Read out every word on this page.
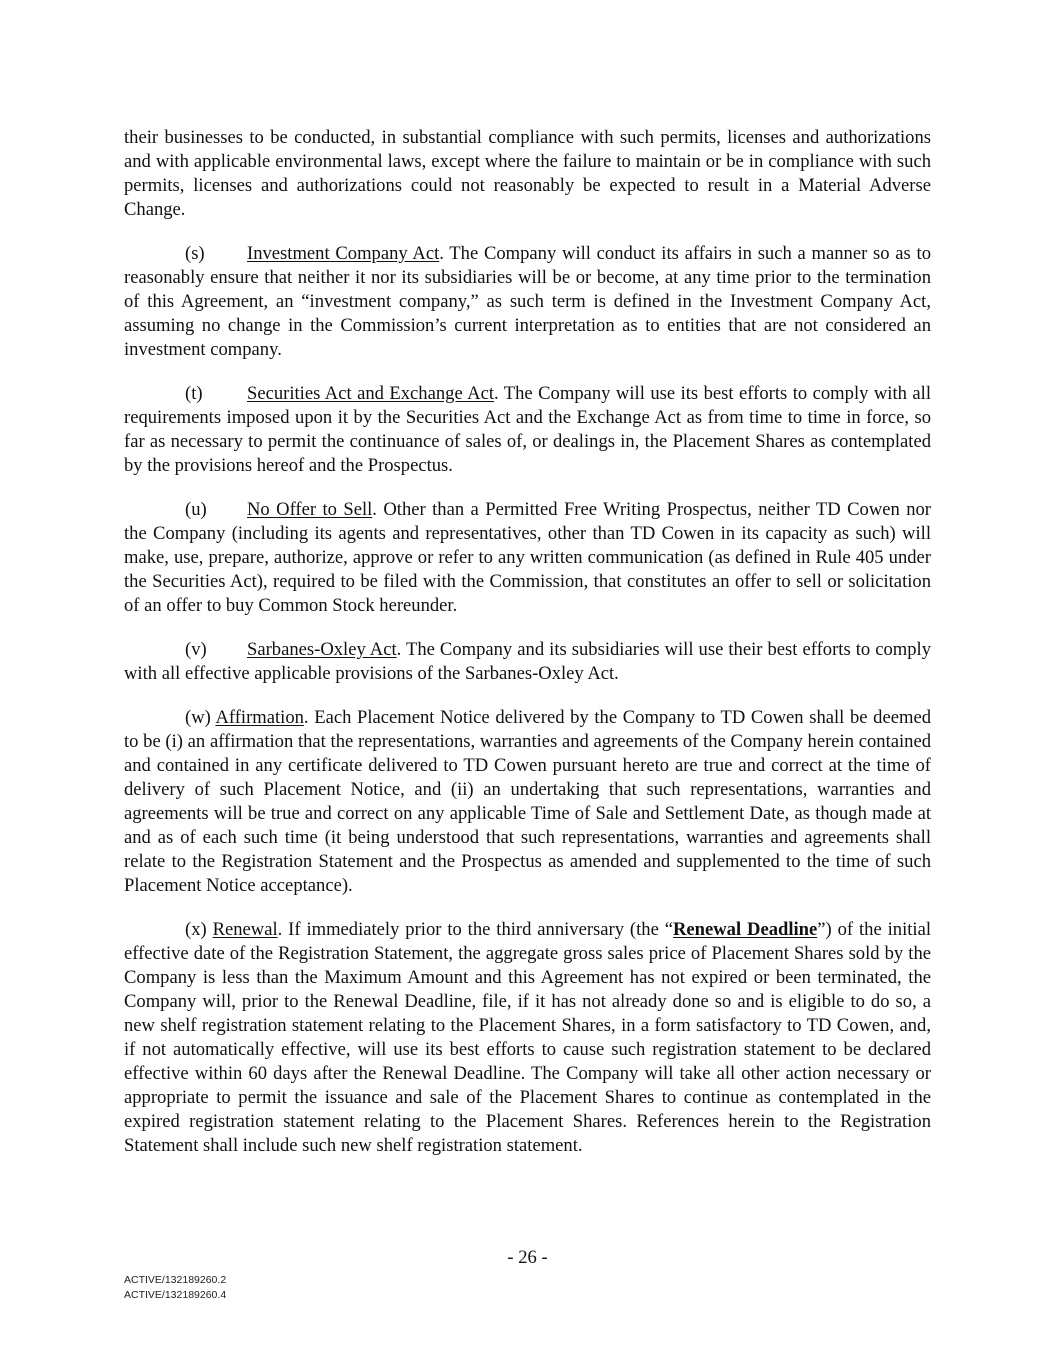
their businesses to be conducted, in substantial compliance with such permits, licenses and authorizations and with applicable environmental laws, except where the failure to maintain or be in compliance with such permits, licenses and authorizations could not reasonably be expected to result in a Material Adverse Change.

(s) Investment Company Act. The Company will conduct its affairs in such a manner so as to reasonably ensure that neither it nor its subsidiaries will be or become, at any time prior to the termination of this Agreement, an “investment company,” as such term is defined in the Investment Company Act, assuming no change in the Commission’s current interpretation as to entities that are not considered an investment company.

(t) Securities Act and Exchange Act. The Company will use its best efforts to comply with all requirements imposed upon it by the Securities Act and the Exchange Act as from time to time in force, so far as necessary to permit the continuance of sales of, or dealings in, the Placement Shares as contemplated by the provisions hereof and the Prospectus.

(u) No Offer to Sell. Other than a Permitted Free Writing Prospectus, neither TD Cowen nor the Company (including its agents and representatives, other than TD Cowen in its capacity as such) will make, use, prepare, authorize, approve or refer to any written communication (as defined in Rule 405 under the Securities Act), required to be filed with the Commission, that constitutes an offer to sell or solicitation of an offer to buy Common Stock hereunder.

(v) Sarbanes-Oxley Act. The Company and its subsidiaries will use their best efforts to comply with all effective applicable provisions of the Sarbanes-Oxley Act.

(w) Affirmation. Each Placement Notice delivered by the Company to TD Cowen shall be deemed to be (i) an affirmation that the representations, warranties and agreements of the Company herein contained and contained in any certificate delivered to TD Cowen pursuant hereto are true and correct at the time of delivery of such Placement Notice, and (ii) an undertaking that such representations, warranties and agreements will be true and correct on any applicable Time of Sale and Settlement Date, as though made at and as of each such time (it being understood that such representations, warranties and agreements shall relate to the Registration Statement and the Prospectus as amended and supplemented to the time of such Placement Notice acceptance).

(x) Renewal. If immediately prior to the third anniversary (the “Renewal Deadline”) of the initial effective date of the Registration Statement, the aggregate gross sales price of Placement Shares sold by the Company is less than the Maximum Amount and this Agreement has not expired or been terminated, the Company will, prior to the Renewal Deadline, file, if it has not already done so and is eligible to do so, a new shelf registration statement relating to the Placement Shares, in a form satisfactory to TD Cowen, and, if not automatically effective, will use its best efforts to cause such registration statement to be declared effective within 60 days after the Renewal Deadline. The Company will take all other action necessary or appropriate to permit the issuance and sale of the Placement Shares to continue as contemplated in the expired registration statement relating to the Placement Shares. References herein to the Registration Statement shall include such new shelf registration statement.

- 26 -
ACTIVE/132189260.2
ACTIVE/132189260.4
